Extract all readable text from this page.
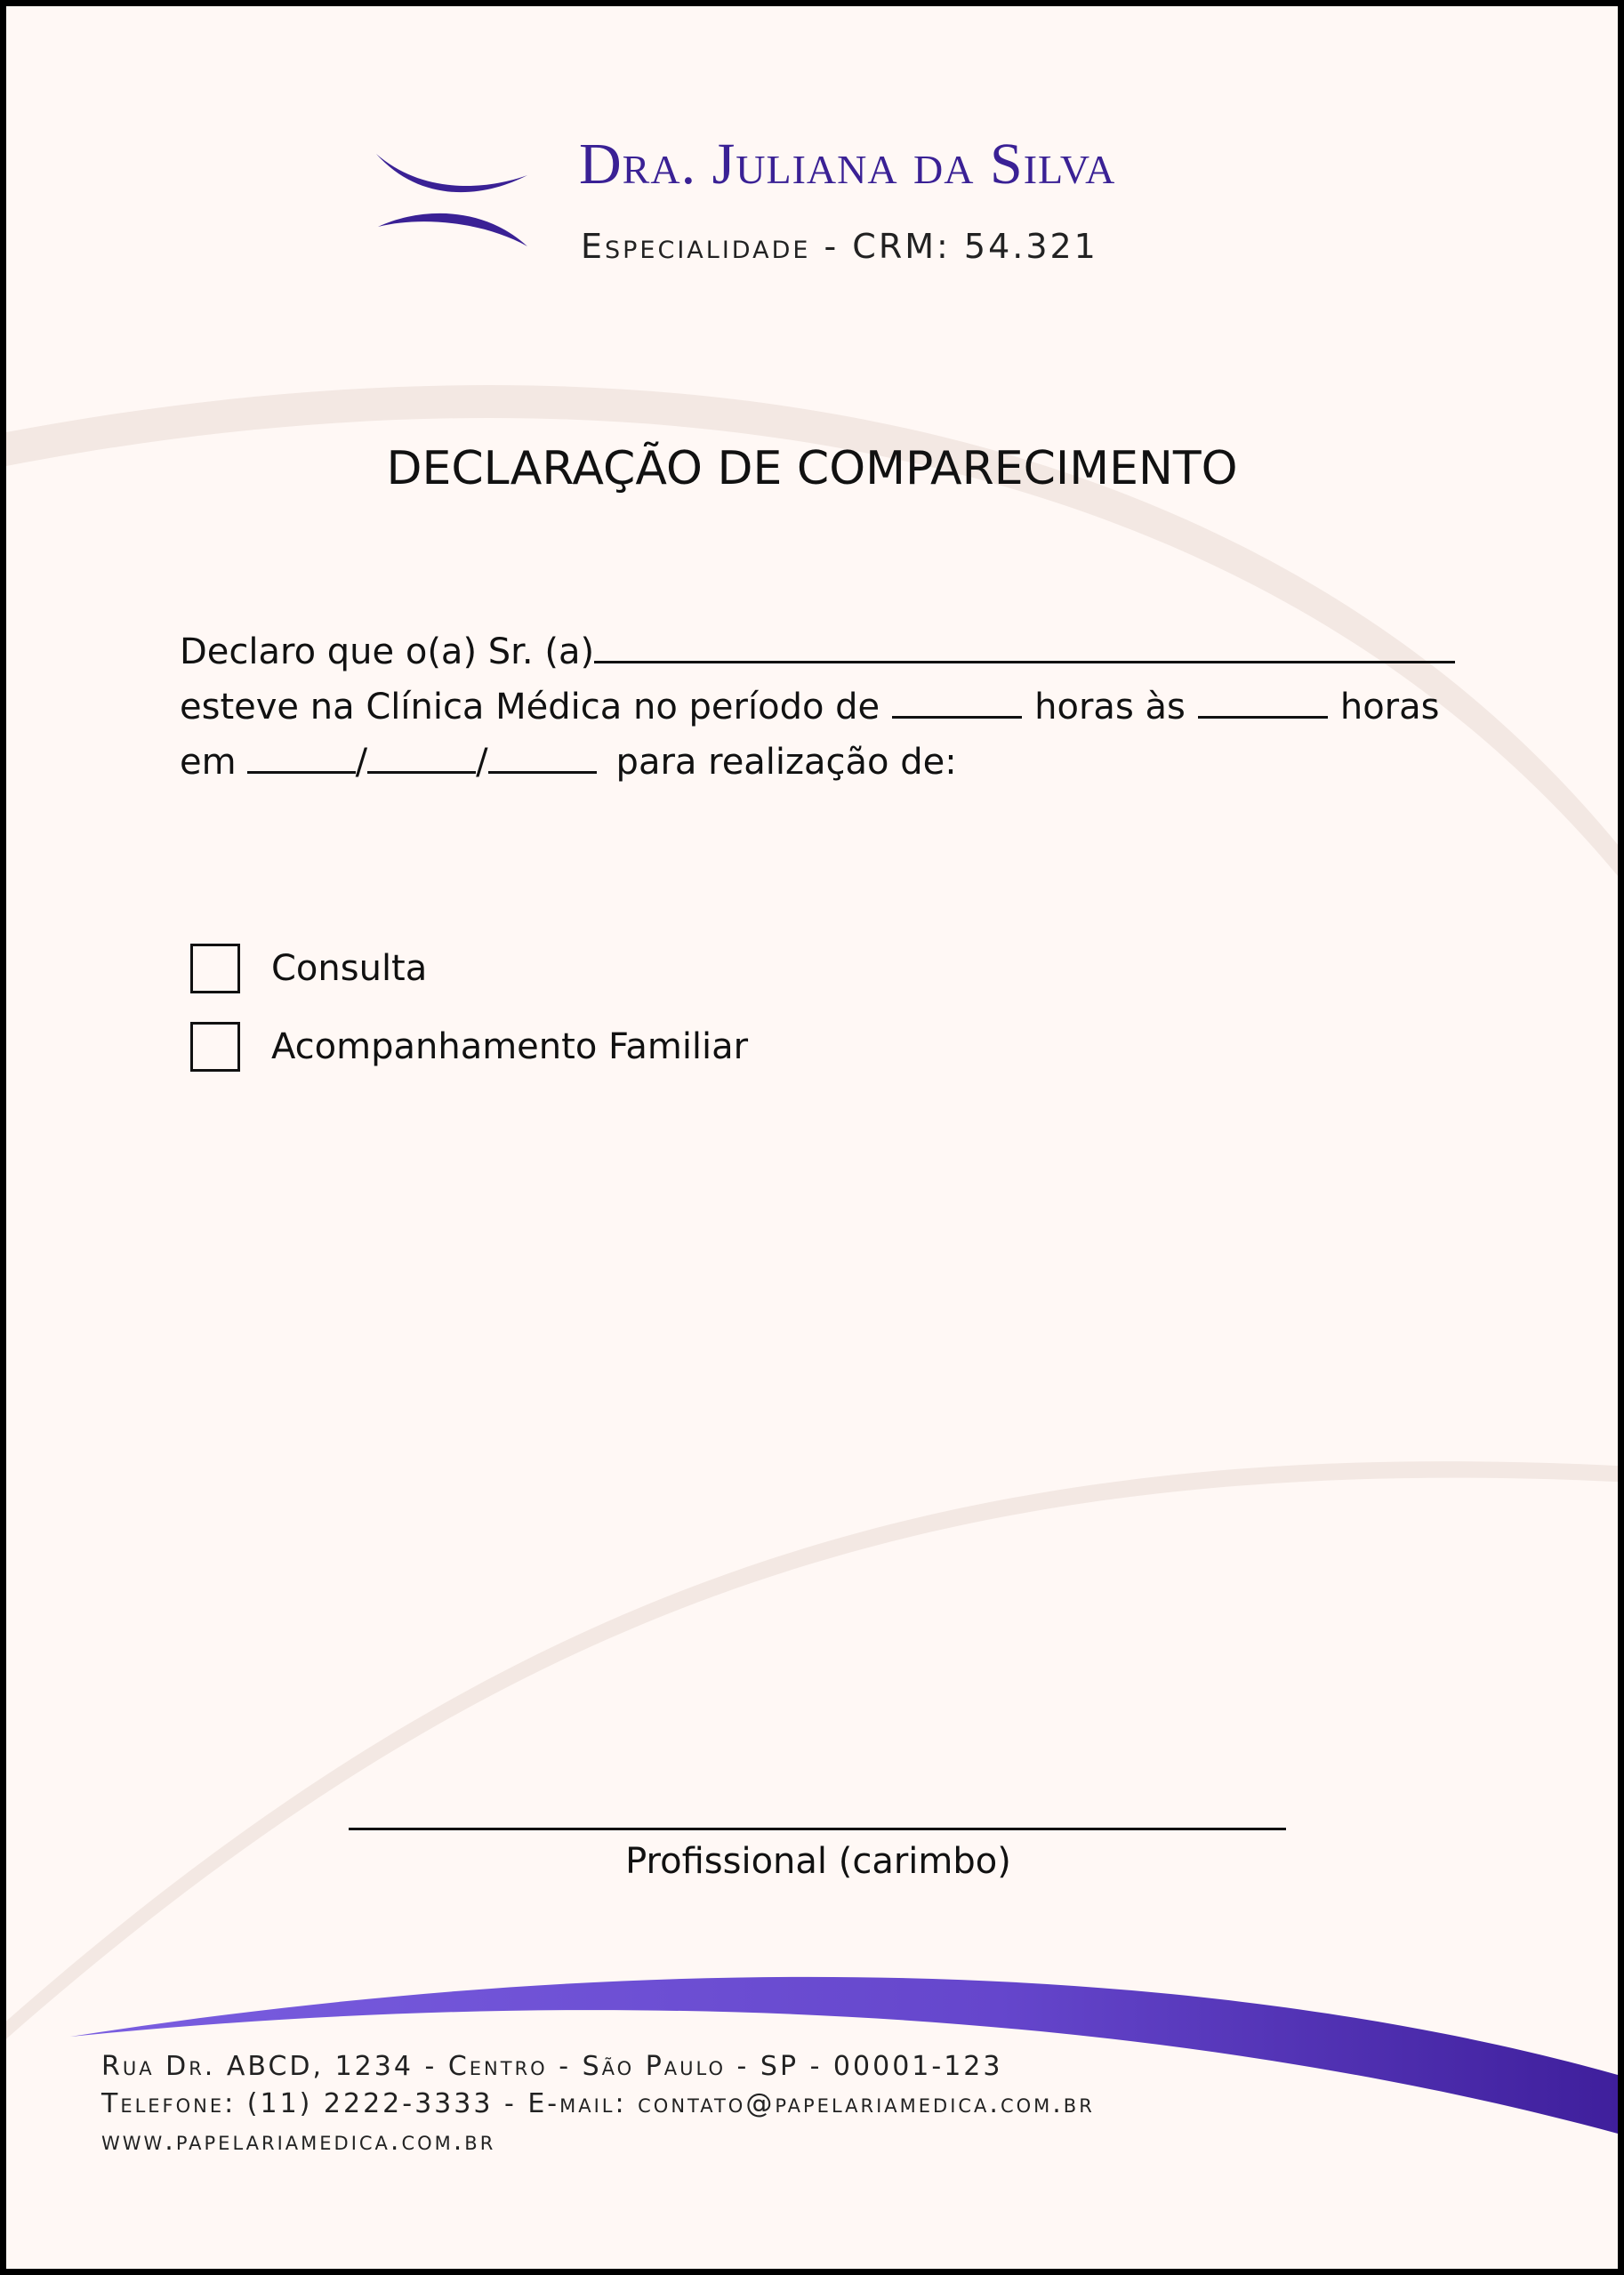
Dra. Juliana da Silva
Especialidade - CRM: 54.321
DECLARAÇÃO DE COMPARECIMENTO
Declaro que o(a) Sr. (a)
esteve na Clínica Médica no período de	horas às	horas
em	/	/	para realização de:
Consulta
Acompanhamento Familiar
Profissional (carimbo)
Rua Dr. ABCD, 1234 - Centro - São Paulo - SP - 00001-123
Telefone: (11) 2222-3333 - E-mail: contato@papelariamedica.com.br
www.papelariamedica.com.br
